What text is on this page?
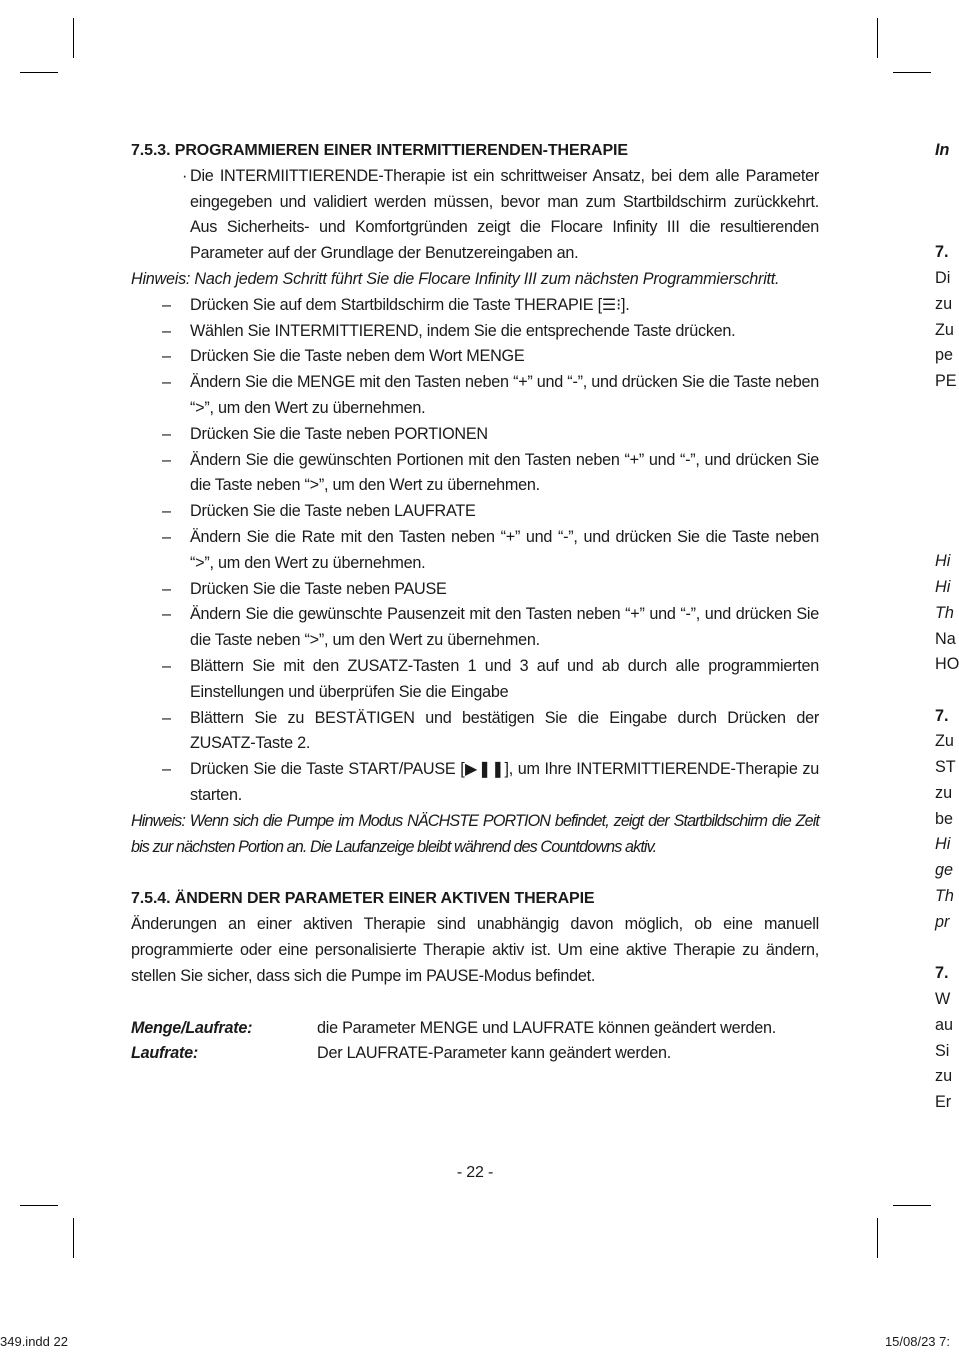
7.5.3. PROGRAMMIEREN EINER INTERMITTIERENDEN-THERAPIE
· Die INTERMIITTIERENDE-Therapie ist ein schrittweiser Ansatz, bei dem alle Parameter eingegeben und validiert werden müssen, bevor man zum Startbildschirm zurückkehrt. Aus Sicherheits- und Komfortgründen zeigt die Flocare Infinity III die resultierenden Parameter auf der Grundlage der Benutzereingaben an.
Hinweis: Nach jedem Schritt führt Sie die Flocare Infinity III zum nächsten Programmierschritt.
– Drücken Sie auf dem Startbildschirm die Taste THERAPIE [☰⁝].
– Wählen Sie INTERMITTIEREND, indem Sie die entsprechende Taste drücken.
– Drücken Sie die Taste neben dem Wort MENGE
– Ändern Sie die MENGE mit den Tasten neben “+” und “-”, und drücken Sie die Taste neben “>”, um den Wert zu übernehmen.
– Drücken Sie die Taste neben PORTIONEN
– Ändern Sie die gewünschten Portionen mit den Tasten neben “+” und “-”, und drücken Sie die Taste neben “>”, um den Wert zu übernehmen.
– Drücken Sie die Taste neben LAUFRATE
– Ändern Sie die Rate mit den Tasten neben “+” und “-”, und drücken Sie die Taste neben “>”, um den Wert zu übernehmen.
– Drücken Sie die Taste neben PAUSE
– Ändern Sie die gewünschte Pausenzeit mit den Tasten neben “+” und “-”, und drücken Sie die Taste neben “>”, um den Wert zu übernehmen.
– Blättern Sie mit den ZUSATZ-Tasten 1 und 3 auf und ab durch alle programmierten Einstellungen und überprüfen Sie die Eingabe
– Blättern Sie zu BESTÄTIGEN und bestätigen Sie die Eingabe durch Drücken der ZUSATZ-Taste 2.
– Drücken Sie die Taste START/PAUSE [▶❚❚], um Ihre INTERMITTIERENDE-Therapie zu starten.
Hinweis: Wenn sich die Pumpe im Modus NÄCHSTE PORTION befindet, zeigt der Startbildschirm die Zeit bis zur nächsten Portion an. Die Laufanzeige bleibt während des Countdowns aktiv.
7.5.4. ÄNDERN DER PARAMETER EINER AKTIVEN THERAPIE
Änderungen an einer aktiven Therapie sind unabhängig davon möglich, ob eine manuell programmierte oder eine personalisierte Therapie aktiv ist. Um eine aktive Therapie zu ändern, stellen Sie sicher, dass sich die Pumpe im PAUSE-Modus befindet.
Menge/Laufrate:	die Parameter MENGE und LAUFRATE können geändert werden.
Laufrate:	Der LAUFRATE-Parameter kann geändert werden.
- 22 -
In
7.
Di
zu
Zu
pe
PE
Hi
Hi
Th
Na
HO
7.
Zu
ST
zu
be
Hi
ge
Th
pr
7.
W
au
Si
zu
Er
349.indd 22	15/08/23 7:
